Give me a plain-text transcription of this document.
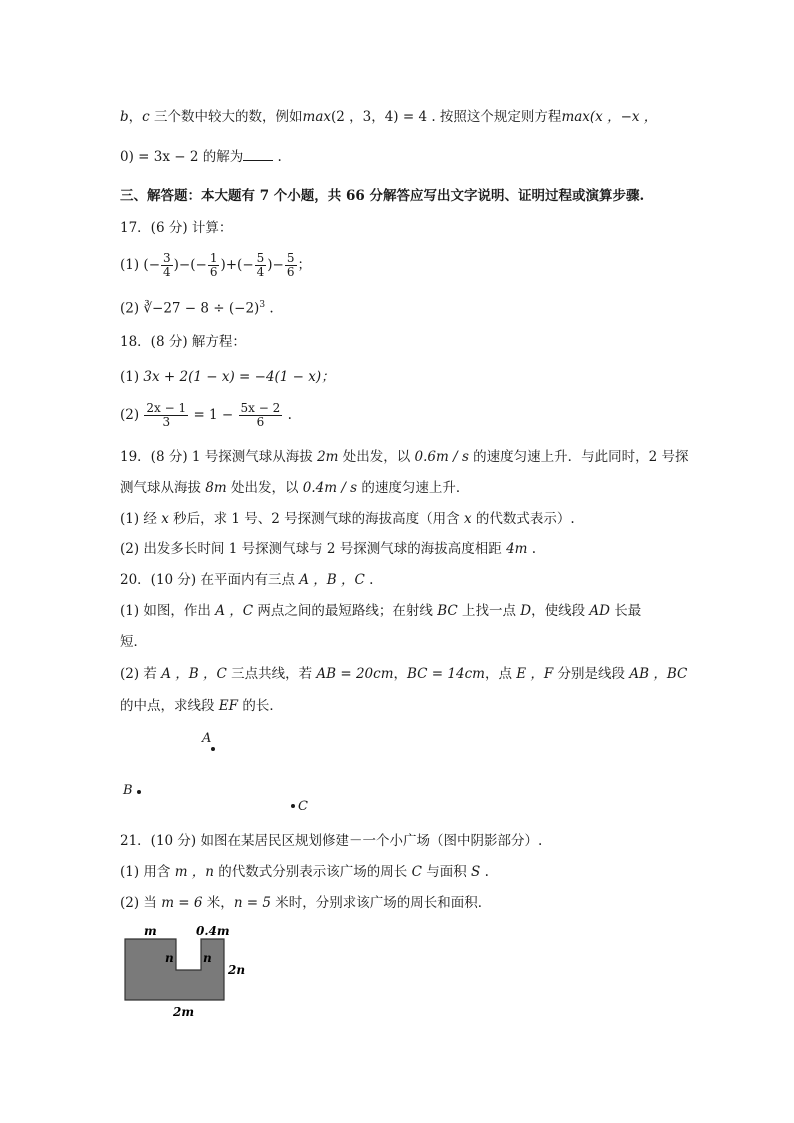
b，c 三个数中较大的数，例如max(2 ，3，4) = 4 . 按照这个规定则方程max(x ，−x ，
0) = 3x − 2 的解为 .
三、解答题：本大题有 7 个小题，共 66 分解答应写出文字说明、证明过程或演算步骤.
17．(6 分) 计算：
(1) (− $\frac{3}{4}$ )−(− $\frac{1}{6}$ )+(− $\frac{5}{4}$ )− $\frac{5}{6}$ ；
(2) ∛−27 − $8 \div (-2)^3$ .
18．(8 分) 解方程：
(1) 3x + 2(1 − x) = −4(1 − x)；
$(2) \frac{2x - 1}{3} = 1 - \frac{5x - 2}{6}$ .
19．(8 分) 1 号探测气球从海拔 2m 处出发，以 0.6m / s 的速度匀速上升．与此同时，2 号探
测气球从海拔 8m 处出发，以 0.4m / s 的速度匀速上升．
(1) 经 x 秒后，求 1 号、2 号探测气球的海拔高度（用含 x 的代数式表示）.
(2) 出发多长时间 1 号探测气球与 2 号探测气球的海拔高度相距 4m .
20．(10 分) 在平面内有三点 A ，B ，C .
(1) 如图，作出 A ，C 两点之间的最短路线；在射线 BC 上找一点 D，使线段 AD 长最
短．
(2) 若 A ，B ，C 三点共线，若 AB = 20cm，BC = 14cm，点 E ，F 分别是线段 AB ，BC
的中点，求线段 EF 的长．
A
B
C
21．(10 分) 如图在某居民区规划修建－一个小广场（图中阴影部分）.
(1) 用含 m ，n 的代数式分别表示该广场的周长 C 与面积 S .
(2) 当 m = 6 米，n = 5 米时，分别求该广场的周长和面积．
m	0.4m
n n
2n
2m
